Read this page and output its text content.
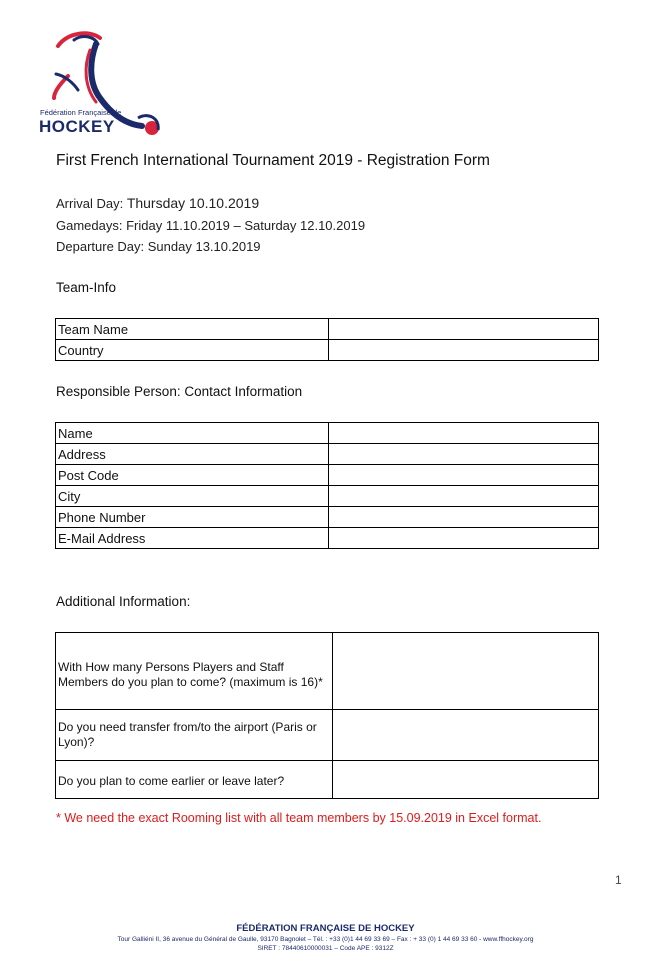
Fédération Française de
HOCKEY
First French International Tournament 2019 - Registration Form
Arrival Day: Thursday 10.10.2019
Gamedays: Friday 11.10.2019 – Saturday 12.10.2019
Departure Day: Sunday 13.10.2019
Team-Info
Team Name	
Country	
Responsible Person: Contact Information
Name	
Address	
Post Code	
City	
Phone Number	
E-Mail Address	
Additional Information:
With How many Persons Players and Staff Members do you plan to come? (maximum is 16)*	
Do you need transfer from/to the airport (Paris or Lyon)?	
Do you plan to come earlier or leave later?	
* We need the exact Rooming list with all team members by 15.09.2019 in Excel format.
1
FÉDÉRATION FRANÇAISE DE HOCKEY
Tour Galliéni II, 36 avenue du Général de Gaulle, 93170 Bagnolet – Tél. : +33 (0)1 44 69 33 69 – Fax : + 33 (0) 1 44 69 33 60 - www.ffhockey.org
SIRET : 78440610000031 – Code APE : 9312Z
